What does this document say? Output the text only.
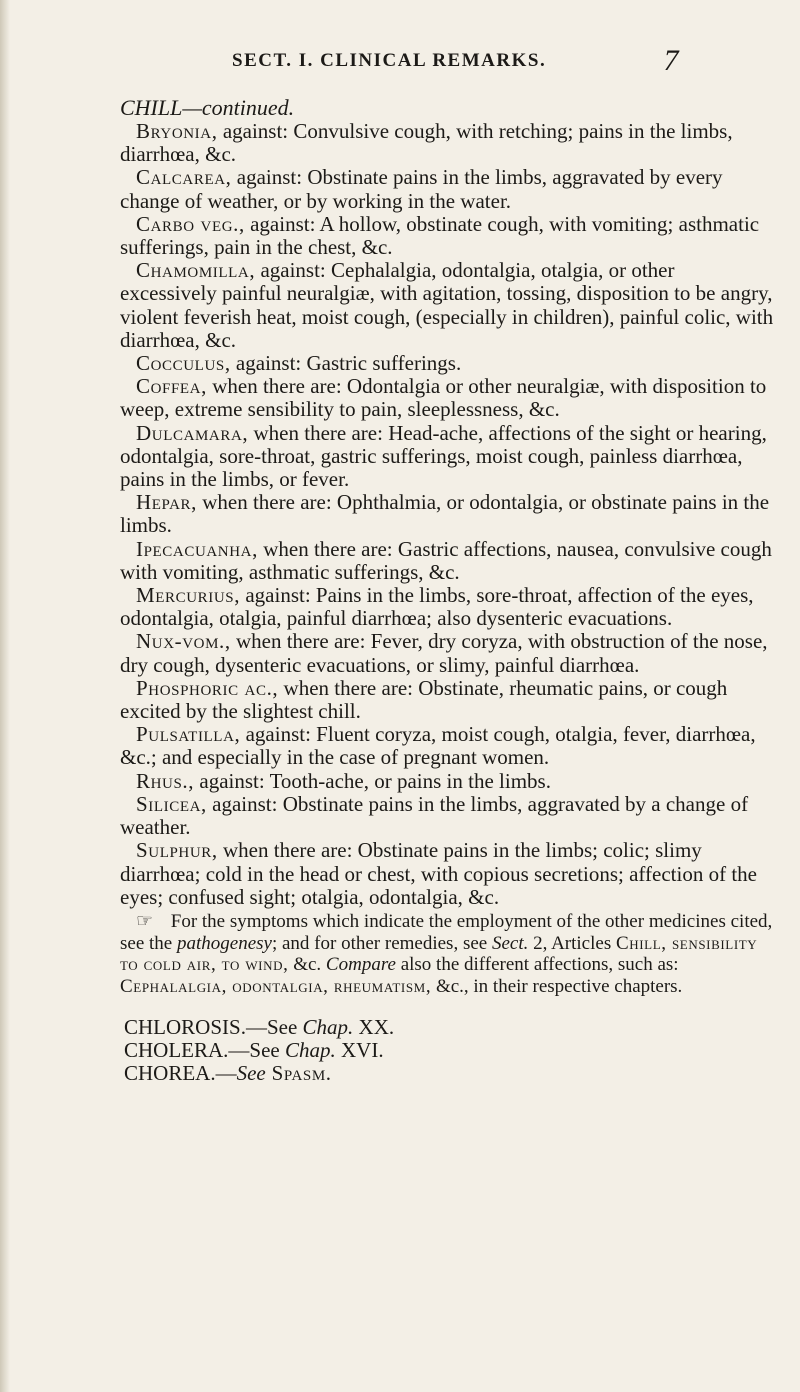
SECT. I. CLINICAL REMARKS.	7
CHILL—continued.

Bryonia, against: Convulsive cough, with retching; pains in the limbs, diarrhœa, &c.

Calcarea, against: Obstinate pains in the limbs, aggravated by every change of weather, or by working in the water.

Carbo veg., against: A hollow, obstinate cough, with vomiting; asthmatic sufferings, pain in the chest, &c.

Chamomilla, against: Cephalalgia, odontalgia, otalgia, or other excessively painful neuralgiæ, with agitation, tossing, disposition to be angry, violent feverish heat, moist cough, (especially in children), painful colic, with diarrhœa, &c.

Cocculus, against: Gastric sufferings.

Coffea, when there are: Odontalgia or other neuralgiæ, with disposition to weep, extreme sensibility to pain, sleeplessness, &c.

Dulcamara, when there are: Head-ache, affections of the sight or hearing, odontalgia, sore-throat, gastric sufferings, moist cough, painless diarrhœa, pains in the limbs, or fever.

Hepar, when there are: Ophthalmia, or odontalgia, or obstinate pains in the limbs.

Ipecacuanha, when there are: Gastric affections, nausea, convulsive cough with vomiting, asthmatic sufferings, &c.

Mercurius, against: Pains in the limbs, sore-throat, affection of the eyes, odontalgia, otalgia, painful diarrhœa; also dysenteric evacuations.

Nux-vom., when there are: Fever, dry coryza, with obstruction of the nose, dry cough, dysenteric evacuations, or slimy, painful diarrhœa.

Phosphoric ac., when there are: Obstinate, rheumatic pains, or cough excited by the slightest chill.

Pulsatilla, against: Fluent coryza, moist cough, otalgia, fever, diarrhœa, &c.; and especially in the case of pregnant women.

Rhus., against: Tooth-ache, or pains in the limbs.

Silicea, against: Obstinate pains in the limbs, aggravated by a change of weather.

Sulphur, when there are: Obstinate pains in the limbs; colic; slimy diarrhœa; cold in the head or chest, with copious secretions; affection of the eyes; confused sight; otalgia, odontalgia, &c.

☞ For the symptoms which indicate the employment of the other medicines cited, see the pathogenesy; and for other remedies, see Sect. 2, Articles Chill, sensibility to cold air, to wind, &c. Compare also the different affections, such as: Cephalalgia, odontalgia, rheumatism, &c., in their respective chapters.

CHLOROSIS.—See Chap. XX.
CHOLERA.—See Chap. XVI.
CHOREA.—See Spasm.
